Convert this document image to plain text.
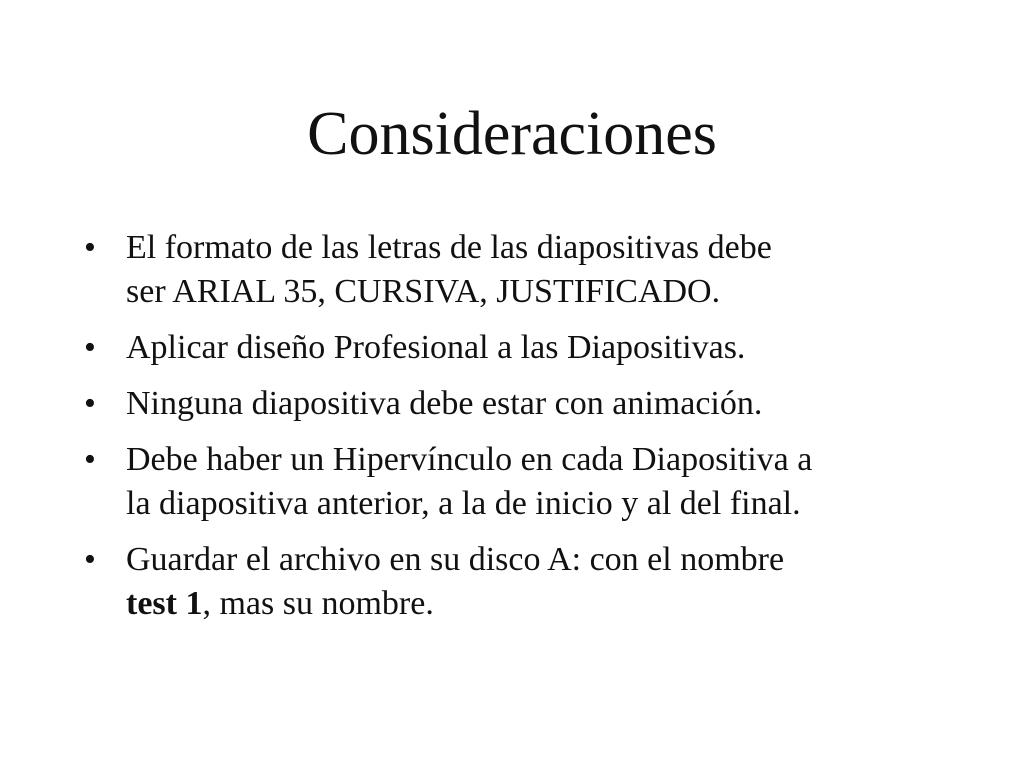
Consideraciones
• El formato de las letras de las diapositivas debe
ser ARIAL 35, CURSIVA, JUSTIFICADO.
• Aplicar diseño Profesional a las Diapositivas.
• Ninguna diapositiva debe estar con animación.
• Debe haber un Hipervínculo en cada Diapositiva a
la diapositiva anterior, a la de inicio y al del final.
• Guardar el archivo en su disco A: con el nombre
test 1, mas su nombre.
